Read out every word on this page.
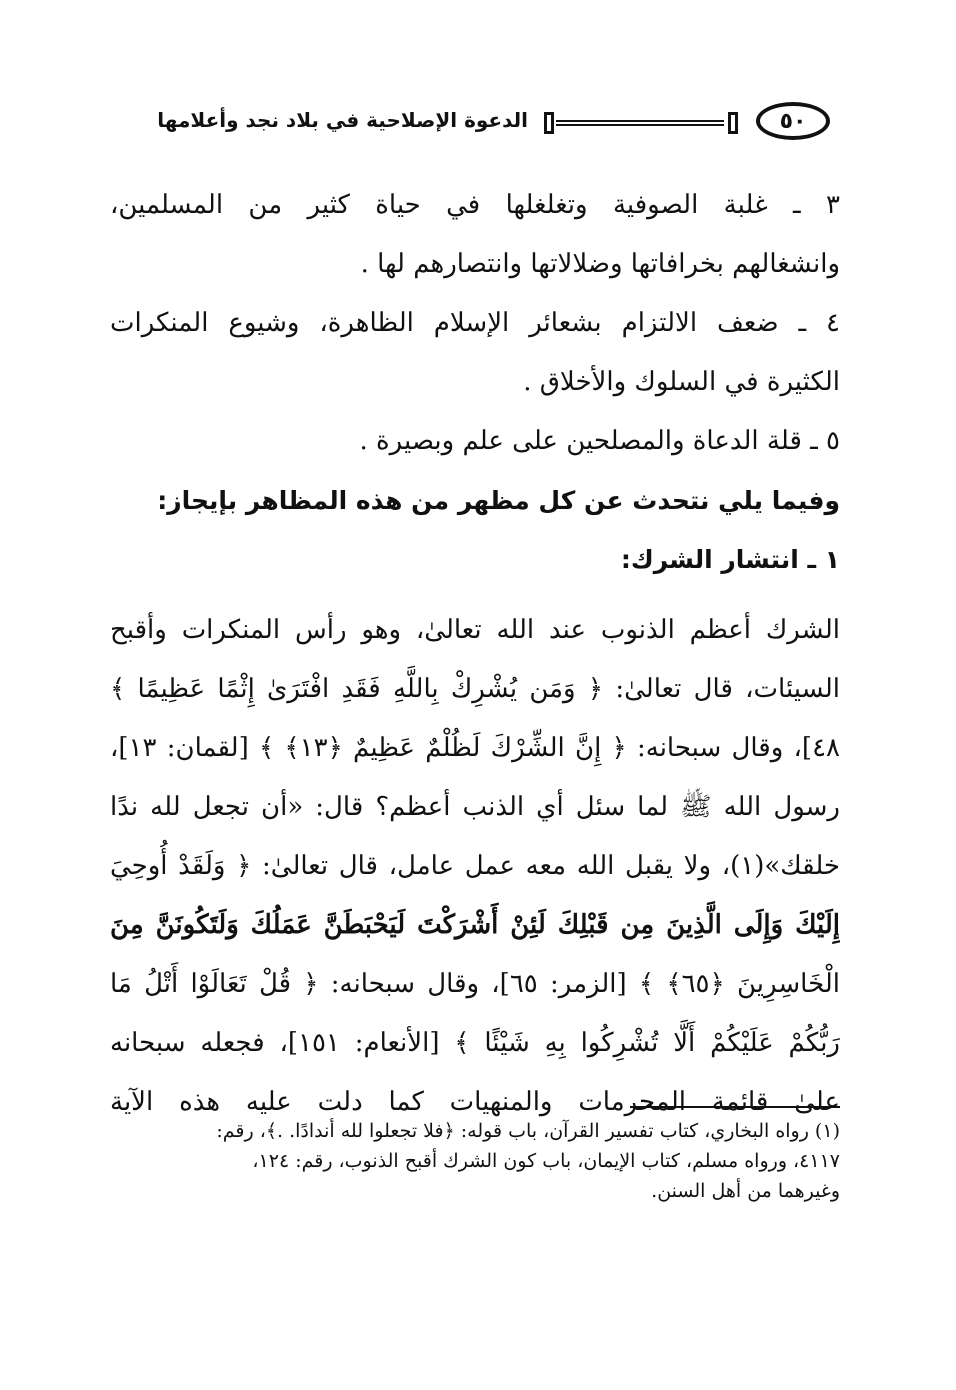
٥٠
الدعوة الإصلاحية في بلاد نجد وأعلامها
٣ ـ غلبة الصوفية وتغلغلها في حياة كثير من المسلمين،
وانشغالهم بخرافاتها وضلالاتها وانتصارهم لها .
٤ ـ ضعف الالتزام بشعائر الإسلام الظاهرة، وشيوع المنكرات
الكثيرة في السلوك والأخلاق .
٥ ـ قلة الدعاة والمصلحين على علم وبصيرة .
وفيما يلي نتحدث عن كل مظهر من هذه المظاهر بإيجاز:
١ ـ انتشار الشرك:
الشرك أعظم الذنوب عند الله تعالىٰ، وهو رأس المنكرات وأقبح
السيئات، قال تعالىٰ: ﴿ وَمَن يُشْرِكْ بِاللَّهِ فَقَدِ افْتَرَىٰ إِثْمًا عَظِيمًا ﴾
٤٨]، وقال سبحانه: ﴿ إِنَّ الشِّرْكَ لَظُلْمٌ عَظِيمٌ ﴿١٣﴾ ﴾ [لقمان: ١٣]،
رسول الله ﷺ لما سئل أي الذنب أعظم؟ قال: «أن تجعل لله ندًا
خلقك»(١)، ولا يقبل الله معه عمل عامل، قال تعالىٰ: ﴿ وَلَقَدْ أُوحِيَ
إِلَيْكَ وَإِلَى الَّذِينَ مِن قَبْلِكَ لَئِنْ أَشْرَكْتَ لَيَحْبَطَنَّ عَمَلُكَ وَلَتَكُونَنَّ مِنَ
الْخَاسِرِينَ ﴿٦٥﴾ ﴾ [الزمر: ٦٥]، وقال سبحانه: ﴿ قُلْ تَعَالَوْا أَتْلُ مَا
رَبُّكُمْ عَلَيْكُمْ أَلَّا تُشْرِكُوا بِهِ شَيْئًا ﴾ [الأنعام: ١٥١]، فجعله سبحانه
علىٰ قائمة المحرمات والمنهيات كما دلت عليه هذه الآية
(١) رواه البخاري، كتاب تفسير القرآن، باب قوله: ﴿فلا تجعلوا لله أندادًا. .﴾، رقم:
٤١١٧، ورواه مسلم، كتاب الإيمان، باب كون الشرك أقبح الذنوب، رقم: ١٢٤،
وغيرهما من أهل السنن.
